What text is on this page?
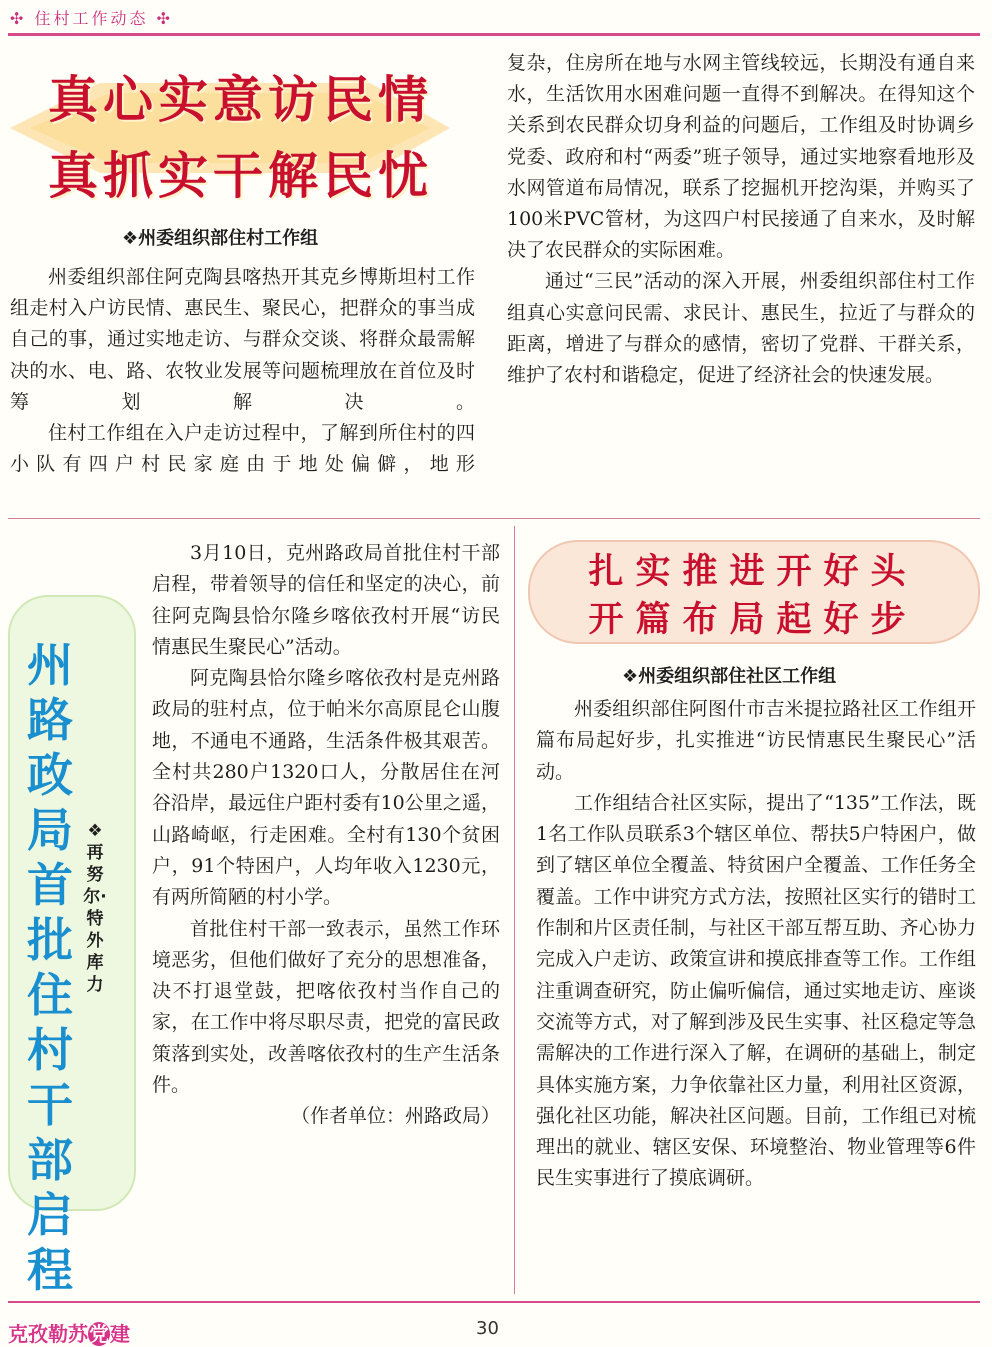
✣ 住村工作动态 ✣
真心实意访民情
真抓实干解民忧
❖州委组织部住村工作组

州委组织部住阿克陶县喀热开其克乡博斯坦村工作组走村入户访民情、惠民生、聚民心，把群众的事当成自己的事，通过实地走访、与群众交谈、将群众最需解决的水、电、路、农牧业发展等问题梳理放在首位及时筹划解决。

住村工作组在入户走访过程中，了解到所住村的四小队有四户村民家庭由于地处偏僻，地形

复杂，住房所在地与水网主管线较远，长期没有通自来水，生活饮用水困难问题一直得不到解决。在得知这个关系到农民群众切身利益的问题后，工作组及时协调乡党委、政府和村“两委”班子领导，通过实地察看地形及水网管道布局情况，联系了挖掘机开挖沟渠，并购买了100米PVC管材，为这四户村民接通了自来水，及时解决了农民群众的实际困难。

通过“三民”活动的深入开展，州委组织部住村工作组真心实意问民需、求民计、惠民生，拉近了与群众的距离，增进了与群众的感情，密切了党群、干群关系，维护了农村和谐稳定，促进了经济社会的快速发展。

州
路
政
局
首
批
住
村
干
部
启
程
❖再努尔·特外库力

3月10日，克州路政局首批住村干部启程，带着领导的信任和坚定的决心，前往阿克陶县恰尔隆乡喀依孜村开展“访民情惠民生聚民心”活动。

阿克陶县恰尔隆乡喀依孜村是克州路政局的驻村点，位于帕米尔高原昆仑山腹地，不通电不通路，生活条件极其艰苦。全村共280户1320口人，分散居住在河谷沿岸，最远住户距村委有10公里之遥，山路崎岖，行走困难。全村有130个贫困户，91个特困户，人均年收入1230元，有两所简陋的村小学。

首批住村干部一致表示，虽然工作环境恶劣，但他们做好了充分的思想准备，决不打退堂鼓，把喀依孜村当作自己的家，在工作中将尽职尽责，把党的富民政策落到实处，改善喀依孜村的生产生活条件。

（作者单位：州路政局）

扎实推进开好头
开篇布局起好步
❖州委组织部住社区工作组

州委组织部住阿图什市吉米提拉路社区工作组开篇布局起好步，扎实推进“访民情惠民生聚民心”活动。

工作组结合社区实际，提出了“135”工作法，既1名工作队员联系3个辖区单位、帮扶5户特困户，做到了辖区单位全覆盖、特贫困户全覆盖、工作任务全覆盖。工作中讲究方式方法，按照社区实行的错时工作制和片区责任制，与社区干部互帮互助、齐心协力完成入户走访、政策宣讲和摸底排查等工作。工作组注重调查研究，防止偏听偏信，通过实地走访、座谈交流等方式，对了解到涉及民生实事、社区稳定等急需解决的工作进行深入了解，在调研的基础上，制定具体实施方案，力争依靠社区力量，利用社区资源，强化社区功能，解决社区问题。目前，工作组已对梳理出的就业、辖区安保、环境整治、物业管理等6件民生实事进行了摸底调研。

克孜勒苏党建	30
